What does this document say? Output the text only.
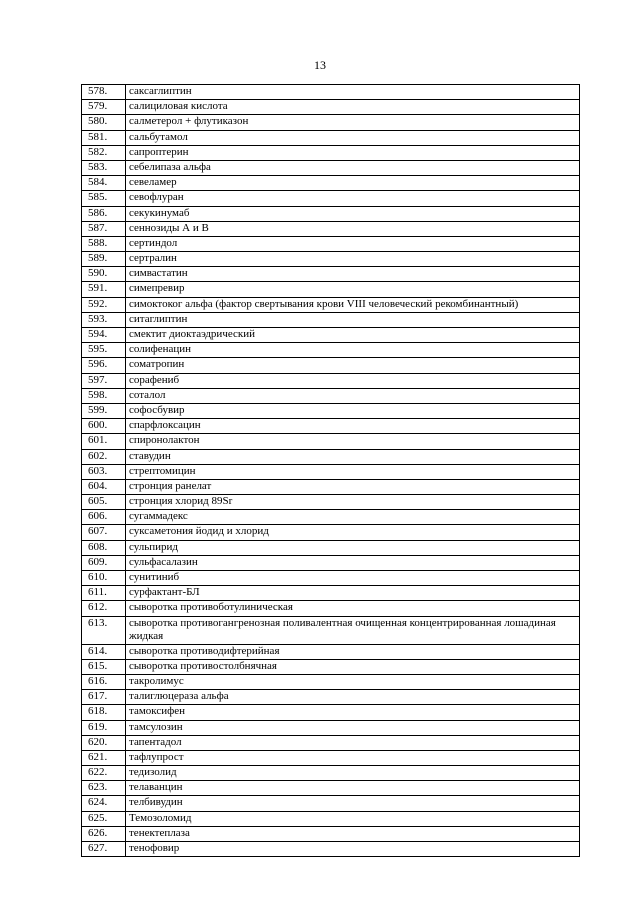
13
578.	саксаглиптин
579.	салициловая кислота
580.	салметерол + флутиказон
581.	сальбутамол
582.	сапроптерин
583.	себелипаза альфа
584.	севеламер
585.	севофлуран
586.	секукинумаб
587.	сеннозиды А и В
588.	сертиндол
589.	сертралин
590.	симвастатин
591.	симепревир
592.	симоктоког альфа (фактор свертывания крови VIII человеческий рекомбинантный)
593.	ситаглиптин
594.	смектит диоктаэдрический
595.	солифенацин
596.	соматропин
597.	сорафениб
598.	соталол
599.	софосбувир
600.	спарфлоксацин
601.	спиронолактон
602.	ставудин
603.	стрептомицин
604.	стронция ранелат
605.	стронция хлорид 89Sr
606.	сугаммадекс
607.	суксаметония йодид и хлорид
608.	сульпирид
609.	сульфасалазин
610.	сунитиниб
611.	сурфактант-БЛ
612.	сыворотка противоботулиническая
613.	сыворотка противогангренозная поливалентная очищенная концентрированная лошадиная жидкая
614.	сыворотка противодифтерийная
615.	сыворотка противостолбнячная
616.	такролимус
617.	талиглюцераза альфа
618.	тамоксифен
619.	тамсулозин
620.	тапентадол
621.	тафлупрост
622.	тедизолид
623.	телаванцин
624.	телбивудин
625.	Темозоломид
626.	тенектеплаза
627.	тенофовир
